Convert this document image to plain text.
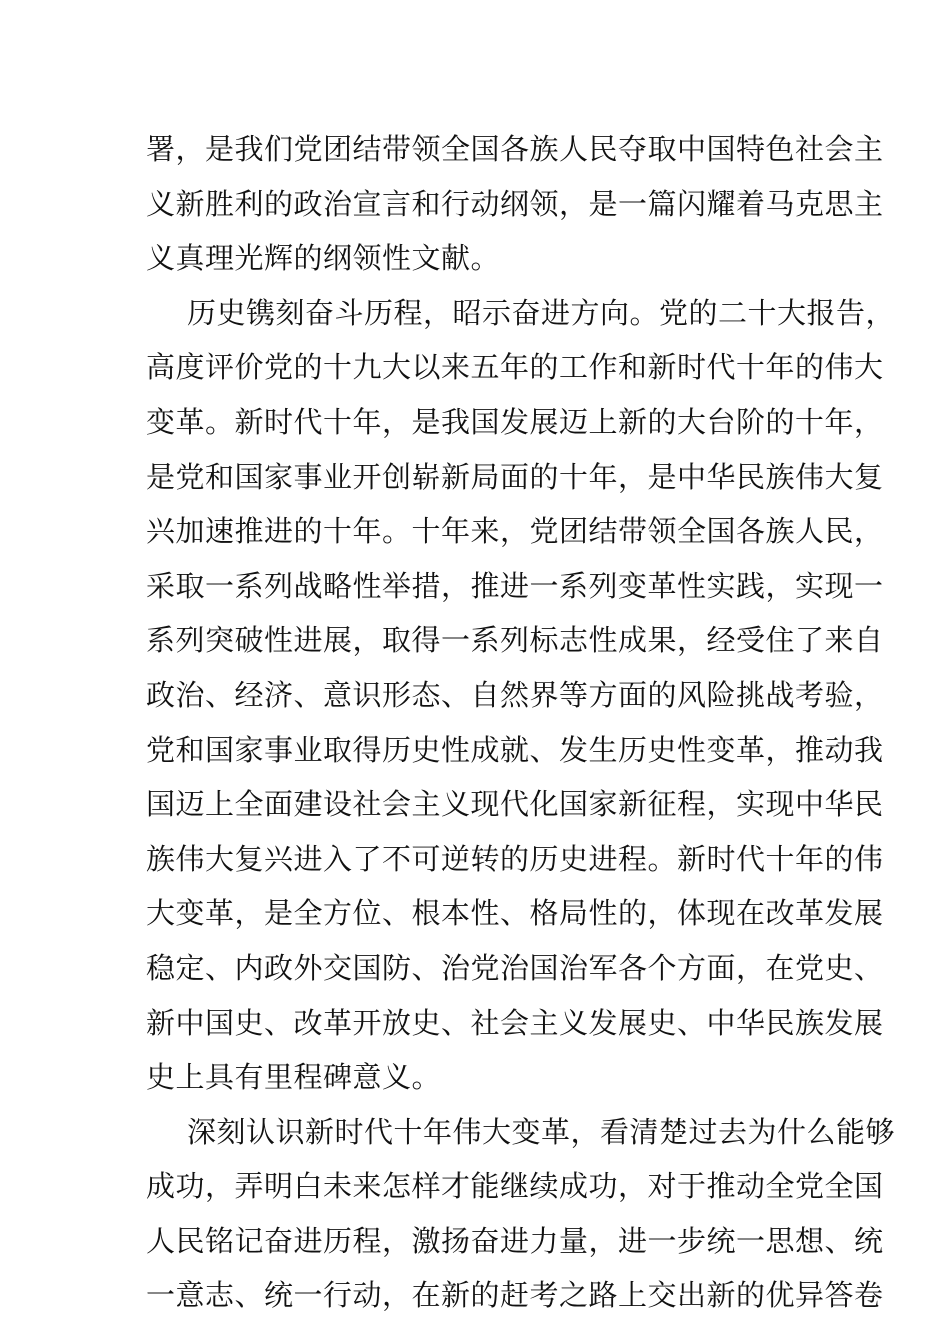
署，是我们党团结带领全国各族人民夺取中国特色社会主
义新胜利的政治宣言和行动纲领，是一篇闪耀着马克思主
义真理光辉的纲领性文献。
历史镌刻奋斗历程，昭示奋进方向。党的二十大报告，
高度评价党的十九大以来五年的工作和新时代十年的伟大
变革。新时代十年，是我国发展迈上新的大台阶的十年，
是党和国家事业开创崭新局面的十年，是中华民族伟大复
兴加速推进的十年。十年来，党团结带领全国各族人民，
采取一系列战略性举措，推进一系列变革性实践，实现一
系列突破性进展，取得一系列标志性成果，经受住了来自
政治、经济、意识形态、自然界等方面的风险挑战考验，
党和国家事业取得历史性成就、发生历史性变革，推动我
国迈上全面建设社会主义现代化国家新征程，实现中华民
族伟大复兴进入了不可逆转的历史进程。新时代十年的伟
大变革，是全方位、根本性、格局性的，体现在改革发展
稳定、内政外交国防、治党治国治军各个方面，在党史、
新中国史、改革开放史、社会主义发展史、中华民族发展
史上具有里程碑意义。
深刻认识新时代十年伟大变革，看清楚过去为什么能够
成功，弄明白未来怎样才能继续成功，对于推动全党全国
人民铭记奋进历程，激扬奋进力量，进一步统一思想、统
一意志、统一行动，在新的赶考之路上交出新的优异答卷
